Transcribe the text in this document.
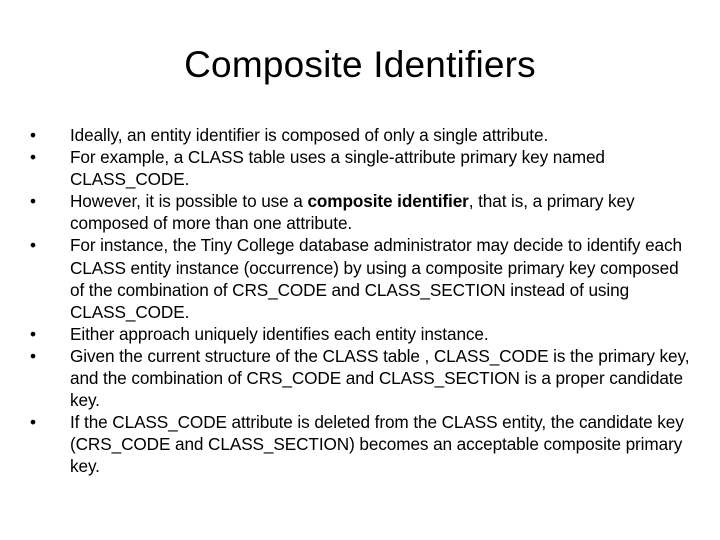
Composite Identifiers
•	Ideally, an entity identifier is composed of only a single attribute.
•	For example, a CLASS table uses a single-attribute primary key named CLASS_CODE.
•	However, it is possible to use a composite identifier, that is, a primary key composed of more than one attribute.
•	For instance, the Tiny College database administrator may decide to identify each CLASS entity instance (occurrence) by using a composite primary key composed of the combination of CRS_CODE and CLASS_SECTION instead of using CLASS_CODE.
•	Either approach uniquely identifies each entity instance.
•	Given the current structure of the CLASS table , CLASS_CODE is the primary key, and the combination of CRS_CODE and CLASS_SECTION is a proper candidate key.
•	If the CLASS_CODE attribute is deleted from the CLASS entity, the candidate key (CRS_CODE and CLASS_SECTION) becomes an acceptable composite primary key.
